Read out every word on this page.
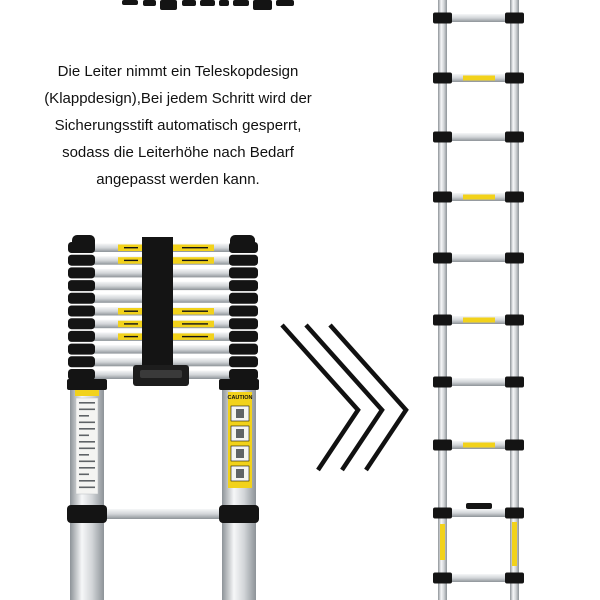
CAUTION
Die Leiter nimmt ein Teleskopdesign
(Klappdesign),Bei jedem Schritt wird der
Sicherungsstift automatisch gesperrt,
sodass die Leiterhöhe nach Bedarf
angepasst werden kann.
